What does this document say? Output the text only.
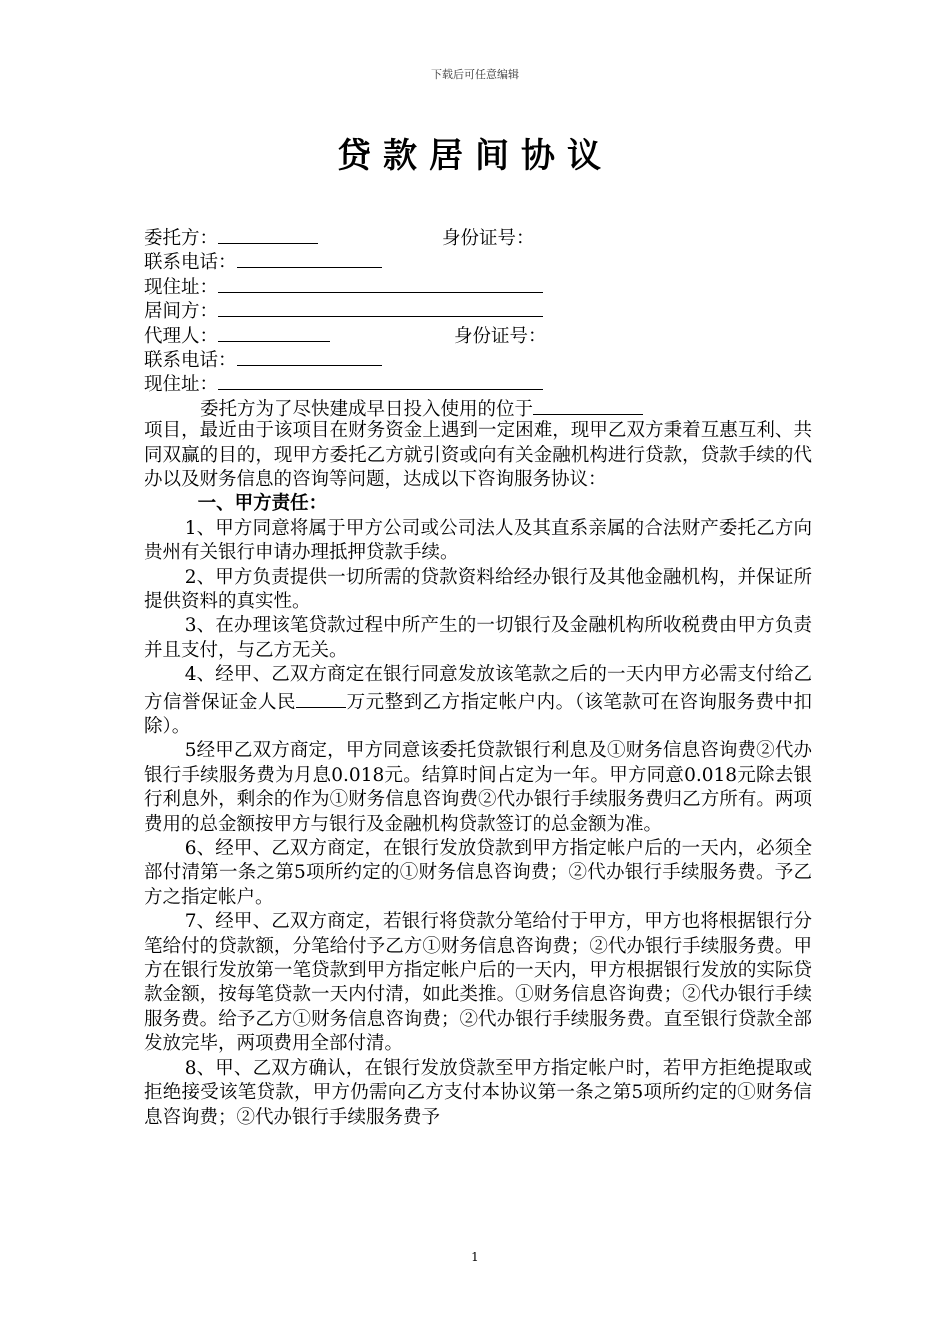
下载后可任意编辑
贷款居间协议
委托方：	身份证号：
联系电话：
现住址：
居间方：
代理人：	身份证号：
联系电话：
现住址：
委托方为了尽快建成早日投入使用的位于

项目，最近由于该项目在财务资金上遇到一定困难，现甲乙双方秉着互惠互利、共同双赢的目的，现甲方委托乙方就引资或向有关金融机构进行贷款，贷款手续的代办以及财务信息的咨询等问题，达成以下咨询服务协议：

一、甲方责任：

1、甲方同意将属于甲方公司或公司法人及其直系亲属的合法财产委托乙方向贵州有关银行申请办理抵押贷款手续。

2、甲方负责提供一切所需的贷款资料给经办银行及其他金融机构，并保证所提供资料的真实性。

3、在办理该笔贷款过程中所产生的一切银行及金融机构所收税费由甲方负责并且支付，与乙方无关。

4、经甲、乙双方商定在银行同意发放该笔款之后的一天内甲方必需支付给乙方信誉保证金人民	万元整到乙方指定帐户内。（该笔款可在咨询服务费中扣除）。

5经甲乙双方商定，甲方同意该委托贷款银行利息及①财务信息咨询费②代办银行手续服务费为月息0.018元。结算时间占定为一年。甲方同意0.018元除去银行利息外，剩余的作为①财务信息咨询费②代办银行手续服务费归乙方所有。两项费用的总金额按甲方与银行及金融机构贷款签订的总金额为准。

6、经甲、乙双方商定，在银行发放贷款到甲方指定帐户后的一天内，必须全部付清第一条之第5项所约定的①财务信息咨询费；②代办银行手续服务费。予乙方之指定帐户。

7、经甲、乙双方商定，若银行将贷款分笔给付于甲方，甲方也将根据银行分笔给付的贷款额，分笔给付予乙方①财务信息咨询费；②代办银行手续服务费。甲方在银行发放第一笔贷款到甲方指定帐户后的一天内，甲方根据银行发放的实际贷款金额，按每笔贷款一天内付清，如此类推。①财务信息咨询费；②代办银行手续服务费。给予乙方①财务信息咨询费；②代办银行手续服务费。直至银行贷款全部发放完毕，两项费用全部付清。

8、甲、乙双方确认，在银行发放贷款至甲方指定帐户时，若甲方拒绝提取或拒绝接受该笔贷款，甲方仍需向乙方支付本协议第一条之第5项所约定的①财务信息咨询费；②代办银行手续服务费予

1
